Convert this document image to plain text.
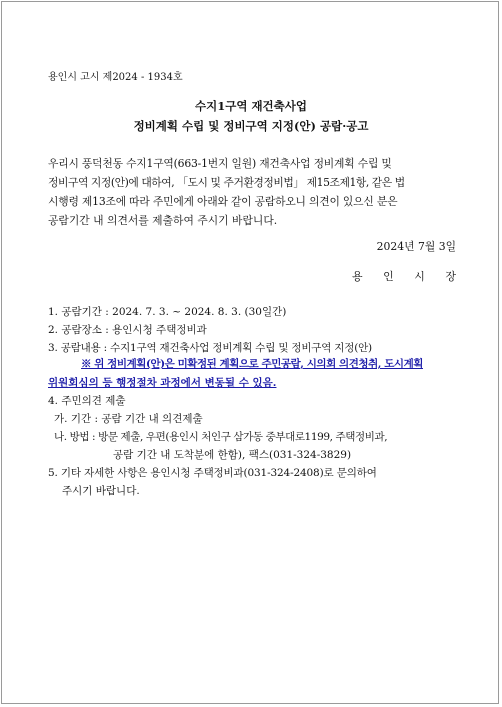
용인시 고시 제2024 - 1934호
수지1구역 재건축사업
정비계획 수립 및 정비구역 지정(안) 공람·공고
우리시 풍덕천동 수지1구역(663-1번지 일원) 재건축사업 정비계획 수립 및
정비구역 지정(안)에 대하여, 「도시 및 주거환경정비법」 제15조제1항, 같은 법
시행령 제13조에 따라 주민에게 아래와 같이 공람하오니 의견이 있으신 분은
공람기간 내 의견서를 제출하여 주시기 바랍니다.
2024년 7월 3일
용 인 시 장
1. 공람기간 : 2024. 7. 3. ~ 2024. 8. 3. (30일간)
2. 공람장소 : 용인시청 주택정비과
3. 공람내용 : 수지1구역 재건축사업 정비계획 수립 및 정비구역 지정(안)
※ 위 정비계획(안)은 미확정된 계획으로 주민공람, 시의회 의견청취, 도시계획
위원회심의 등 행정절차 과정에서 변동될 수 있음.
4. 주민의견 제출
가. 기간 : 공람 기간 내 의견제출
나. 방법 : 방문 제출, 우편(용인시 처인구 삼가동 중부대로1199, 주택정비과,
공람 기간 내 도착분에 한함), 팩스(031-324-3829)
5. 기타 자세한 사항은 용인시청 주택정비과(031-324-2408)로 문의하여
주시기 바랍니다.
